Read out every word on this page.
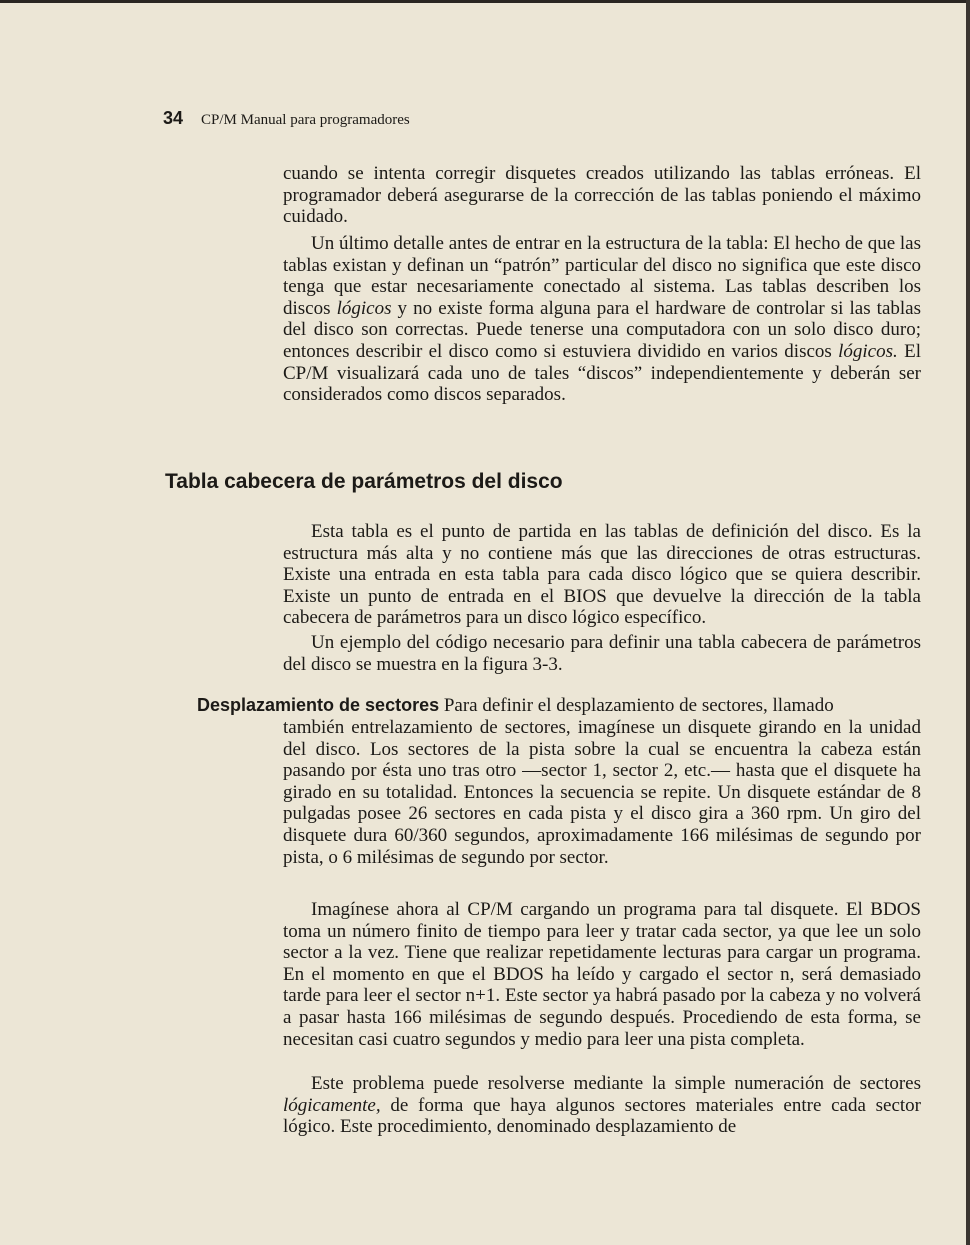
34 CP/M Manual para programadores

cuando se intenta corregir disquetes creados utilizando las tablas erróneas. El programador deberá asegurarse de la corrección de las tablas poniendo el máximo cuidado.

Un último detalle antes de entrar en la estructura de la tabla: El hecho de que las tablas existan y definan un “patrón” particular del disco no significa que este disco tenga que estar necesariamente conectado al sistema. Las tablas describen los discos lógicos y no existe forma alguna para el hardware de controlar si las tablas del disco son correctas. Puede tenerse una computadora con un solo disco duro; entonces describir el disco como si estuviera dividido en varios discos lógicos. El CP/M visualizará cada uno de tales “discos” independientemente y deberán ser considerados como discos separados.

Tabla cabecera de parámetros del disco

Esta tabla es el punto de partida en las tablas de definición del disco. Es la estructura más alta y no contiene más que las direcciones de otras estructuras. Existe una entrada en esta tabla para cada disco lógico que se quiera describir. Existe un punto de entrada en el BIOS que devuelve la dirección de la tabla cabecera de parámetros para un disco lógico específico.

Un ejemplo del código necesario para definir una tabla cabecera de parámetros del disco se muestra en la figura 3-3.

Desplazamiento de sectores Para definir el desplazamiento de sectores, llamado

también entrelazamiento de sectores, imagínese un disquete girando en la unidad del disco. Los sectores de la pista sobre la cual se encuentra la cabeza están pasando por ésta uno tras otro —sector 1, sector 2, etc.— hasta que el disquete ha girado en su totalidad. Entonces la secuencia se repite. Un disquete estándar de 8 pulgadas posee 26 sectores en cada pista y el disco gira a 360 rpm. Un giro del disquete dura 60/360 segundos, aproximadamente 166 milésimas de segundo por pista, o 6 milésimas de segundo por sector.

Imagínese ahora al CP/M cargando un programa para tal disquete. El BDOS toma un número finito de tiempo para leer y tratar cada sector, ya que lee un solo sector a la vez. Tiene que realizar repetidamente lecturas para cargar un programa. En el momento en que el BDOS ha leído y cargado el sector n, será demasiado tarde para leer el sector n+1. Este sector ya habrá pasado por la cabeza y no volverá a pasar hasta 166 milésimas de segundo después. Procediendo de esta forma, se necesitan casi cuatro segundos y medio para leer una pista completa.

Este problema puede resolverse mediante la simple numeración de sectores lógicamente, de forma que haya algunos sectores materiales entre cada sector lógico. Este procedimiento, denominado desplazamiento de
